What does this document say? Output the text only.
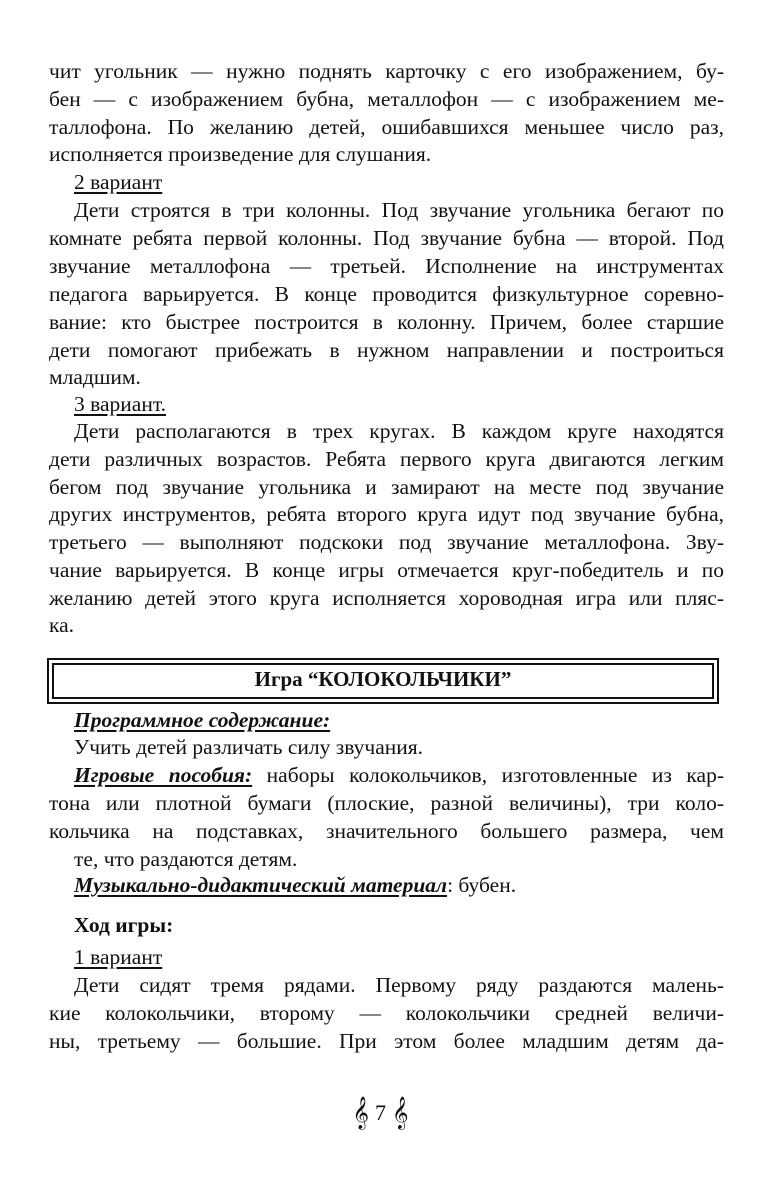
чит угольник — нужно поднять карточку с его изображением, бу-
бен — с изображением бубна, металлофон — с изображением ме-
таллофона. По желанию детей, ошибавшихся меньшее число раз,
исполняется произведение для слушания.
2 вариант
Дети строятся в три колонны. Под звучание угольника бегают по
комнате ребята первой колонны. Под звучание бубна — второй. Под
звучание металлофона — третьей. Исполнение на инструментах
педагога варьируется. В конце проводится физкультурное соревно-
вание: кто быстрее построится в колонну. Причем, более старшие
дети помогают прибежать в нужном направлении и построиться
младшим.
3 вариант.
Дети располагаются в трех кругах. В каждом круге находятся
дети различных возрастов. Ребята первого круга двигаются легким
бегом под звучание угольника и замирают на месте под звучание
других инструментов, ребята второго круга идут под звучание бубна,
третьего — выполняют подскоки под звучание металлофона. Зву-
чание варьируется. В конце игры отмечается круг-победитель и по
желанию детей этого круга исполняется хороводная игра или пляс-
ка.
Игра “КОЛОКОЛЬЧИКИ”
Программное содержание:
Учить детей различать силу звучания.
Игровые пособия: наборы колокольчиков, изготовленные из кар-
тона или плотной бумаги (плоские, разной величины), три коло-
кольчика на подставках, значительного большего размера, чем
те, что раздаются детям.
Музыкально-дидактический материал: бубен.
Ход игры:
1 вариант
Дети сидят тремя рядами. Первому ряду раздаются малень-
кие колокольчики, второму — колокольчики средней величи-
ны, третьему — большие. При этом более младшим детям да-
𝄞 7 𝄞
